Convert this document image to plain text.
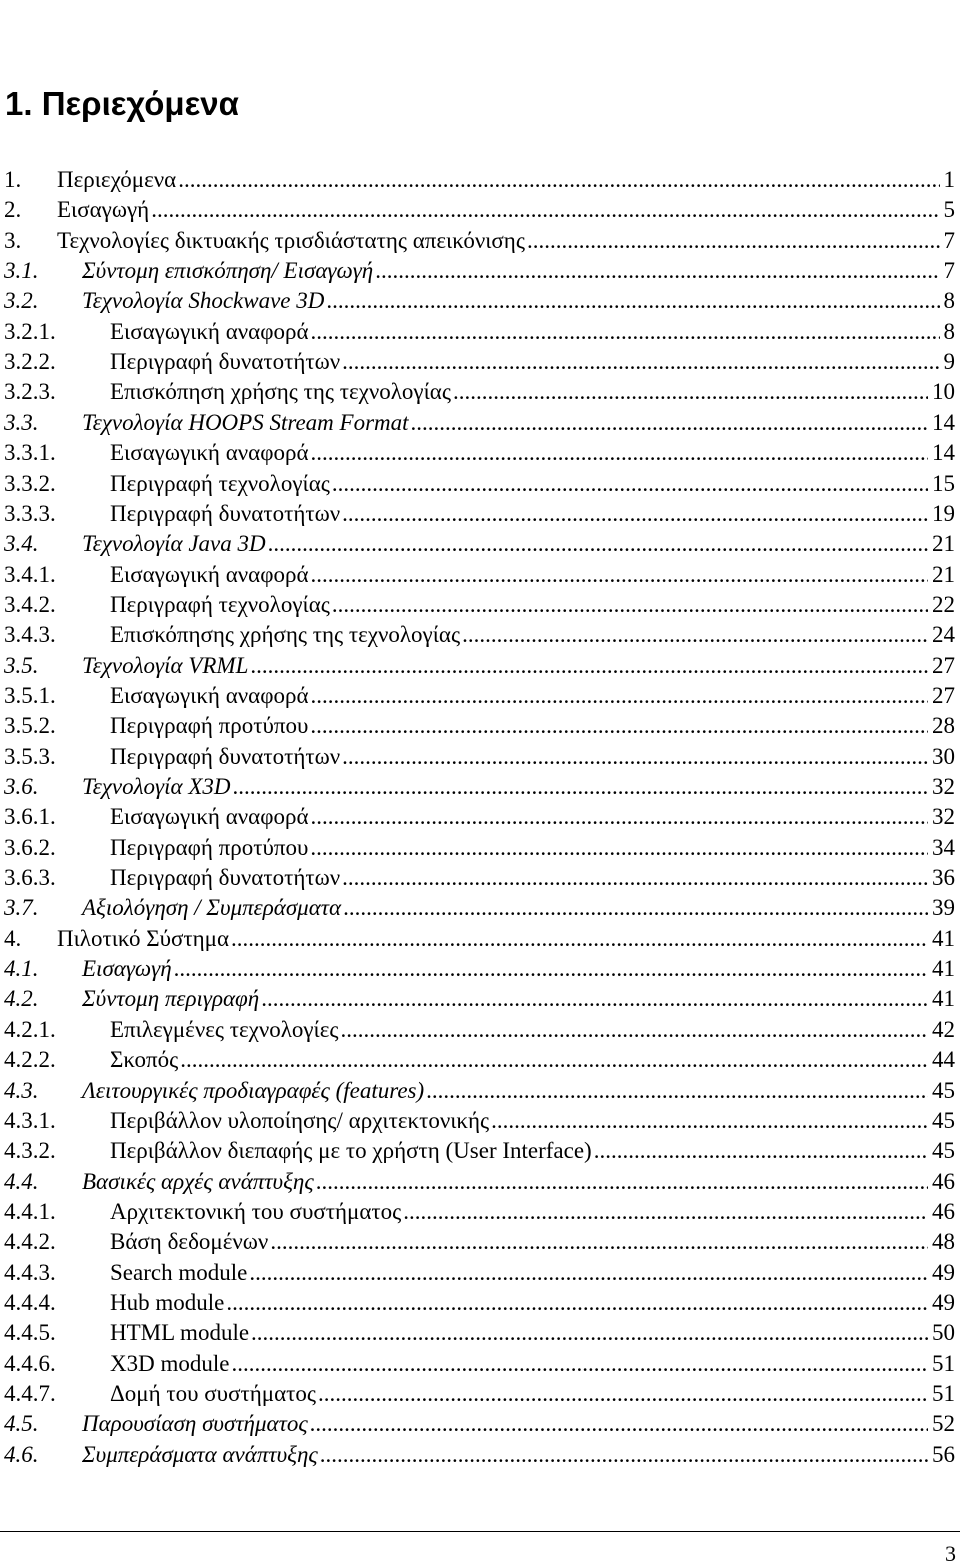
1. Περιεχόμενα
1. Περιεχόμενα .....	1
2. Εισαγωγή .....	5
3. Τεχνολογίες δικτυακής τρισδιάστατης απεικόνισης .....	7
3.1. Σύντομη επισκόπηση/ Εισαγωγή .....	7
3.2. Τεχνολογία Shockwave 3D .....	8
3.2.1. Εισαγωγική αναφορά .....	8
3.2.2. Περιγραφή δυνατοτήτων .....	9
3.2.3. Επισκόπηση χρήσης της τεχνολογίας .....	10
3.3. Τεχνολογία HOOPS Stream Format .....	14
3.3.1. Εισαγωγική αναφορά .....	14
3.3.2. Περιγραφή τεχνολογίας .....	15
3.3.3. Περιγραφή δυνατοτήτων .....	19
3.4. Τεχνολογία Java 3D .....	21
3.4.1. Εισαγωγική αναφορά .....	21
3.4.2. Περιγραφή τεχνολογίας .....	22
3.4.3. Επισκόπησης χρήσης της τεχνολογίας .....	24
3.5. Τεχνολογία VRML .....	27
3.5.1. Εισαγωγική αναφορά .....	27
3.5.2. Περιγραφή προτύπου .....	28
3.5.3. Περιγραφή δυνατοτήτων .....	30
3.6. Τεχνολογία X3D .....	32
3.6.1. Εισαγωγική αναφορά .....	32
3.6.2. Περιγραφή προτύπου .....	34
3.6.3. Περιγραφή δυνατοτήτων .....	36
3.7. Αξιολόγηση / Συμπεράσματα .....	39
4. Πιλοτικό Σύστημα .....	41
4.1. Εισαγωγή .....	41
4.2. Σύντομη περιγραφή .....	41
4.2.1. Επιλεγμένες τεχνολογίες .....	42
4.2.2. Σκοπός .....	44
4.3. Λειτουργικές προδιαγραφές (features) .....	45
4.3.1. Περιβάλλον υλοποίησης/ αρχιτεκτονικής .....	45
4.3.2. Περιβάλλον διεπαφής με το χρήστη (User Interface) .....	45
4.4. Βασικές αρχές ανάπτυξης .....	46
4.4.1. Αρχιτεκτονική του συστήματος .....	46
4.4.2. Βάση δεδομένων .....	48
4.4.3. Search module .....	49
4.4.4. Hub module .....	49
4.4.5. HTML module .....	50
4.4.6. X3D module .....	51
4.4.7. Δομή του συστήματος .....	51
4.5. Παρουσίαση συστήματος .....	52
4.6. Συμπεράσματα ανάπτυξης .....	56
3
